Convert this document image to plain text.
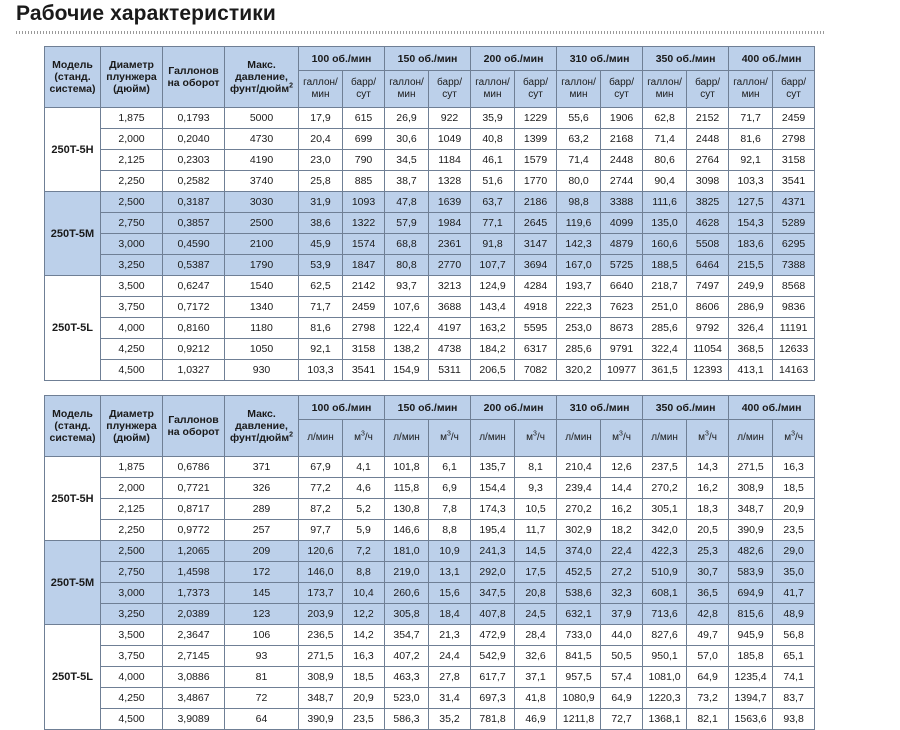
Рабочие характеристики
Модель (станд. система)	Диаметр плунжера (дюйм)	Галлонов на оборот	Макс. давление, фунт/дюйм$^2$	100 об./мин		150 об./мин		200 об./мин		310 об./мин		350 об./мин		400 об./мин	
				галлон/ мин	барр/ сут	галлон/ мин	барр/ сут	галлон/ мин	барр/ сут	галлон/ мин	барр/ сут	галлон/ мин	барр/ сут	галлон/ мин	барр/ сут
250T-5H	1,875	0,1793	5000	17,9	615	26,9	922	35,9	1229	55,6	1906	62,8	2152	71,7	2459
	2,000	0,2040	4730	20,4	699	30,6	1049	40,8	1399	63,2	2168	71,4	2448	81,6	2798
	2,125	0,2303	4190	23,0	790	34,5	1184	46,1	1579	71,4	2448	80,6	2764	92,1	3158
	2,250	0,2582	3740	25,8	885	38,7	1328	51,6	1770	80,0	2744	90,4	3098	103,3	3541
250T-5M	2,500	0,3187	3030	31,9	1093	47,8	1639	63,7	2186	98,8	3388	111,6	3825	127,5	4371
	2,750	0,3857	2500	38,6	1322	57,9	1984	77,1	2645	119,6	4099	135,0	4628	154,3	5289
	3,000	0,4590	2100	45,9	1574	68,8	2361	91,8	3147	142,3	4879	160,6	5508	183,6	6295
	3,250	0,5387	1790	53,9	1847	80,8	2770	107,7	3694	167,0	5725	188,5	6464	215,5	7388
250T-5L	3,500	0,6247	1540	62,5	2142	93,7	3213	124,9	4284	193,7	6640	218,7	7497	249,9	8568
	3,750	0,7172	1340	71,7	2459	107,6	3688	143,4	4918	222,3	7623	251,0	8606	286,9	9836
	4,000	0,8160	1180	81,6	2798	122,4	4197	163,2	5595	253,0	8673	285,6	9792	326,4	11191
	4,250	0,9212	1050	92,1	3158	138,2	4738	184,2	6317	285,6	9791	322,4	11054	368,5	12633
	4,500	1,0327	930	103,3	3541	154,9	5311	206,5	7082	320,2	10977	361,5	12393	413,1	14163
Модель (станд. система)	Диаметр плунжера (дюйм)	Галлонов на оборот	Макс. давление, фунт/дюйм$^2$	100 об./мин		150 об./мин		200 об./мин		310 об./мин		350 об./мин		400 об./мин	
				л/мин	$м^3/ч$	л/мин	$м^3/ч$	л/мин	$м^3/ч$	л/мин	$м^3/ч$	л/мин	$м^3/ч$	л/мин	$м^3/ч$
250T-5H	1,875	0,6786	371	67,9	4,1	101,8	6,1	135,7	8,1	210,4	12,6	237,5	14,3	271,5	16,3
	2,000	0,7721	326	77,2	4,6	115,8	6,9	154,4	9,3	239,4	14,4	270,2	16,2	308,9	18,5
	2,125	0,8717	289	87,2	5,2	130,8	7,8	174,3	10,5	270,2	16,2	305,1	18,3	348,7	20,9
	2,250	0,9772	257	97,7	5,9	146,6	8,8	195,4	11,7	302,9	18,2	342,0	20,5	390,9	23,5
250T-5M	2,500	1,2065	209	120,6	7,2	181,0	10,9	241,3	14,5	374,0	22,4	422,3	25,3	482,6	29,0
	2,750	1,4598	172	146,0	8,8	219,0	13,1	292,0	17,5	452,5	27,2	510,9	30,7	583,9	35,0
	3,000	1,7373	145	173,7	10,4	260,6	15,6	347,5	20,8	538,6	32,3	608,1	36,5	694,9	41,7
	3,250	2,0389	123	203,9	12,2	305,8	18,4	407,8	24,5	632,1	37,9	713,6	42,8	815,6	48,9
250T-5L	3,500	2,3647	106	236,5	14,2	354,7	21,3	472,9	28,4	733,0	44,0	827,6	49,7	945,9	56,8
	3,750	2,7145	93	271,5	16,3	407,2	24,4	542,9	32,6	841,5	50,5	950,1	57,0	185,8	65,1
	4,000	3,0886	81	308,9	18,5	463,3	27,8	617,7	37,1	957,5	57,4	1081,0	64,9	1235,4	74,1
	4,250	3,4867	72	348,7	20,9	523,0	31,4	697,3	41,8	1080,9	64,9	1220,3	73,2	1394,7	83,7
	4,500	3,9089	64	390,9	23,5	586,3	35,2	781,8	46,9	1211,8	72,7	1368,1	82,1	1563,6	93,8
